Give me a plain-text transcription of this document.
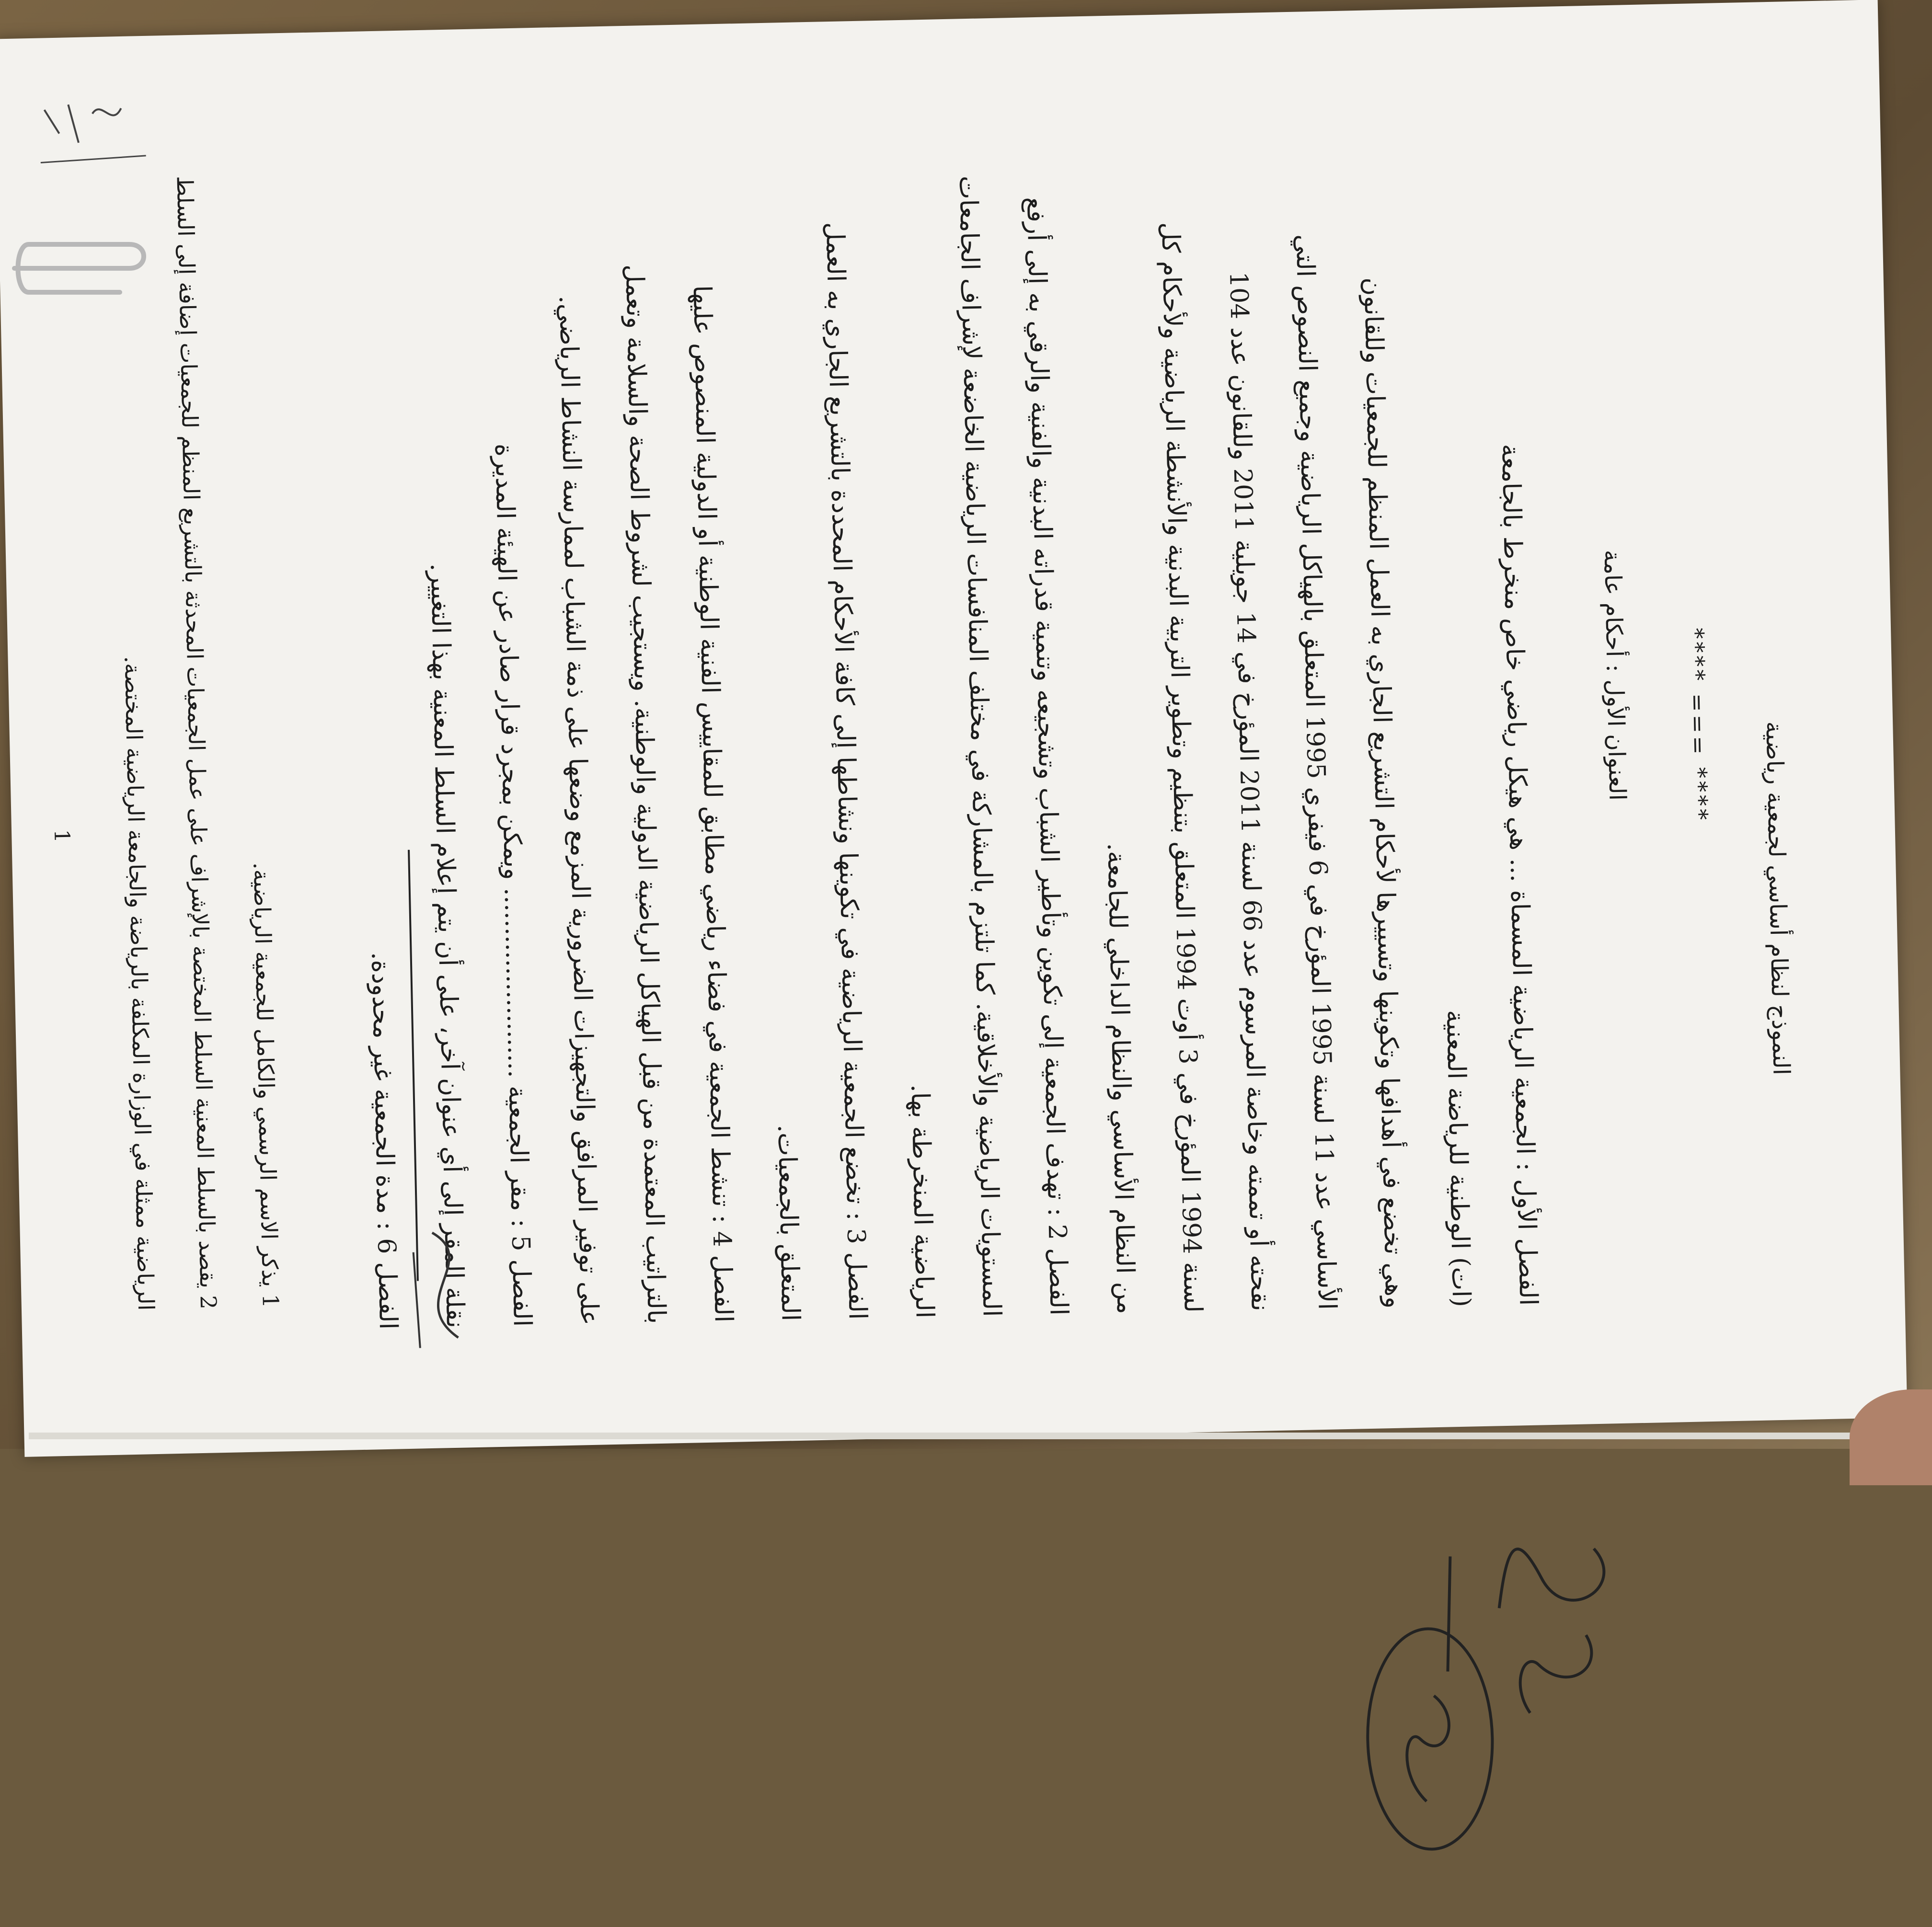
النموذج لنظام أساسي لجمعية رياضية
**** === ****
العنوان الأول : أحكام عامة
الفصل الأول : الجمعية الرياضية المسماة ... هي هيكل رياضي خاص منخرط بالجامعة
(ات) الوطنية للرياضة المعنية
وهي تخضع في أهدافها وتكوينها وتسييرها لأحكام التشريع الجاري به العمل المنظم للجمعيات وللقانون
الأساسي عدد 11 لسنة 1995 المؤرخ في 6 فيفري 1995 المتعلق بالهياكل الرياضية وجميع النصوص التي
نقحته أو تممته وخاصة المرسوم عدد 66 لسنة 2011 المؤرخ في 14 جويلية 2011 وللقانون عدد 104
لسنة 1994 المؤرخ في 3 أوت 1994 المتعلق بتنظيم وتطوير التربية البدنية والأنشطة الرياضية ولأحكام كل
من النظام الأساسي والنظام الداخلي للجامعة.
الفصل 2 : تهدف الجمعية إلى تكوين وتأطير الشباب وتشجيعه وتنمية قدراته البدنية والفنية والرقي به إلى أرفع
المستويات الرياضية والأخلاقية. كما تلتزم بالمشاركة في مختلف المنافسات الرياضية الخاضعة لإشراف الجامعات
الرياضية المنخرطة بها.
الفصل 3 : تخضع الجمعية الرياضية في تكوينها ونشاطها إلى كافة الأحكام المحددة بالتشريع الجاري به العمل
المتعلق بالجمعيات.
الفصل 4 : تنشط الجمعية في فضاء رياضي مطابق للمقاييس الفنية الوطنية أو الدولية المنصوص عليها
بالتراتيب المعتمدة من قبل الهياكل الرياضية الدولية والوطنية. ويستجيب لشروط الصحة والسلامة وتعمل
على توفير المرافق والتجهيزات الضرورية المزمع وضعها على ذمة الشباب لممارسة النشاط الرياضي.
الفصل 5 : مقر الجمعية ........................ ويمكن بمجرد قرار صادر عن الهيئة المديرة
نقلة المقر إلى أي عنوان آخر، على أن يتم إعلام السلط المعنية بهذا التغيير.
الفصل 6 : مدة الجمعية غير محدودة.
1 يذكر الاسم الرسمي والكامل للجمعية الرياضية.
2 يقصد بالسلط المعنية السلط المختصة بالإشراف على عمل الجمعيات المحدثة بالتشريع المنظم للجمعيات إضافة إلى السلط
الرياضية ممثلة في الوزارة المكلفة بالرياضة والجامعة الرياضية المختصة.
1
